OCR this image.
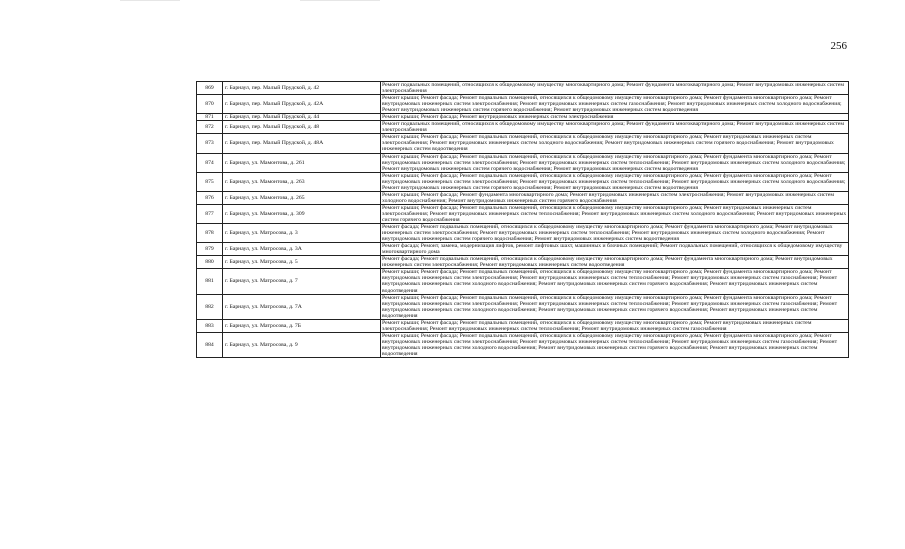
256
869	г. Барнаул, пер. Малый Прудской, д. 42	Ремонт подвальных помещений, относящихся к общедомовому имуществу многоквартирного дома; Ремонт фундамента многоквартирного дома; Ремонт внутридомовых инженерных систем электроснабжения
870	г. Барнаул, пер. Малый Прудской, д. 42А	Ремонт крыши; Ремонт фасада; Ремонт подвальных помещений, относящихся к общедомовому имуществу многоквартирного дома; Ремонт фундамента многоквартирного дома; Ремонт внутридомовых инженерных систем электроснабжения; Ремонт внутридомовых инженерных систем газоснабжения; Ремонт внутридомовых инженерных систем холодного водоснабжения; Ремонт внутридомовых инженерных систем горячего водоснабжения; Ремонт внутридомовых инженерных систем водоотведения
871	г. Барнаул, пер. Малый Прудской, д. 44	Ремонт крыши; Ремонт фасада; Ремонт внутридомовых инженерных систем электроснабжения
872	г. Барнаул, пер. Малый Прудской, д. 48	Ремонт подвальных помещений, относящихся к общедомовому имуществу многоквартирного дома; Ремонт фундамента многоквартирного дома; Ремонт внутридомовых инженерных систем электроснабжения
873	г. Барнаул, пер. Малый Прудской, д. 48А	Ремонт крыши; Ремонт фасада; Ремонт подвальных помещений, относящихся к общедомовому имуществу многоквартирного дома; Ремонт внутридомовых инженерных систем электроснабжения; Ремонт внутридомовых инженерных систем холодного водоснабжения; Ремонт внутридомовых инженерных систем горячего водоснабжения; Ремонт внутридомовых инженерных систем водоотведения
874	г. Барнаул, ул. Мамонтова, д. 261	Ремонт крыши; Ремонт фасада; Ремонт подвальных помещений, относящихся к общедомовому имуществу многоквартирного дома; Ремонт фундамента многоквартирного дома; Ремонт внутридомовых инженерных систем электроснабжения; Ремонт внутридомовых инженерных систем теплоснабжения; Ремонт внутридомовых инженерных систем холодного водоснабжения; Ремонт внутридомовых инженерных систем горячего водоснабжения; Ремонт внутридомовых инженерных систем водоотведения
875	г. Барнаул, ул. Мамонтова, д. 263	Ремонт крыши; Ремонт фасада; Ремонт подвальных помещений, относящихся к общедомовому имуществу многоквартирного дома; Ремонт фундамента многоквартирного дома; Ремонт внутридомовых инженерных систем электроснабжения; Ремонт внутридомовых инженерных систем теплоснабжения; Ремонт внутридомовых инженерных систем холодного водоснабжения; Ремонт внутридомовых инженерных систем горячего водоснабжения; Ремонт внутридомовых инженерных систем водоотведения
876	г. Барнаул, ул. Мамонтова, д. 265	Ремонт крыши; Ремонт фасада; Ремонт фундамента многоквартирного дома; Ремонт внутридомовых инженерных систем электроснабжения; Ремонт внутридомовых инженерных систем холодного водоснабжения; Ремонт внутридомовых инженерных систем горячего водоснабжения
877	г. Барнаул, ул. Мамонтова, д. 309	Ремонт крыши; Ремонт фасада; Ремонт подвальных помещений, относящихся к общедомовому имуществу многоквартирного дома; Ремонт внутридомовых инженерных систем электроснабжения; Ремонт внутридомовых инженерных систем теплоснабжения; Ремонт внутридомовых инженерных систем холодного водоснабжения; Ремонт внутридомовых инженерных систем горячего водоснабжения
878	г. Барнаул, ул. Матросова, д. 3	Ремонт фасада; Ремонт подвальных помещений, относящихся к общедомовому имуществу многоквартирного дома; Ремонт фундамента многоквартирного дома; Ремонт внутридомовых инженерных систем электроснабжения; Ремонт внутридомовых инженерных систем теплоснабжения; Ремонт внутридомовых инженерных систем холодного водоснабжения; Ремонт внутридомовых инженерных систем горячего водоснабжения; Ремонт внутридомовых инженерных систем водоотведения
879	г. Барнаул, ул. Матросова, д. 3А	Ремонт фасада; Ремонт, замена, модернизация лифтов, ремонт лифтовых шахт, машинных и блочных помещений; Ремонт подвальных помещений, относящихся к общедомовому имуществу многоквартирного дома
880	г. Барнаул, ул. Матросова, д. 5	Ремонт фасада; Ремонт подвальных помещений, относящихся к общедомовому имуществу многоквартирного дома; Ремонт фундамента многоквартирного дома; Ремонт внутридомовых инженерных систем электроснабжения; Ремонт внутридомовых инженерных систем водоотведения
881	г. Барнаул, ул. Матросова, д. 7	Ремонт крыши; Ремонт фасада; Ремонт подвальных помещений, относящихся к общедомовому имуществу многоквартирного дома; Ремонт фундамента многоквартирного дома; Ремонт внутридомовых инженерных систем электроснабжения; Ремонт внутридомовых инженерных систем теплоснабжения; Ремонт внутридомовых инженерных систем газоснабжения; Ремонт внутридомовых инженерных систем холодного водоснабжения; Ремонт внутридомовых инженерных систем горячего водоснабжения; Ремонт внутридомовых инженерных систем водоотведения
882	г. Барнаул, ул. Матросова, д. 7А	Ремонт крыши; Ремонт фасада; Ремонт подвальных помещений, относящихся к общедомовому имуществу многоквартирного дома; Ремонт фундамента многоквартирного дома; Ремонт внутридомовых инженерных систем электроснабжения; Ремонт внутридомовых инженерных систем теплоснабжения; Ремонт внутридомовых инженерных систем газоснабжения; Ремонт внутридомовых инженерных систем холодного водоснабжения; Ремонт внутридомовых инженерных систем горячего водоснабжения; Ремонт внутридомовых инженерных систем водоотведения
883	г. Барнаул, ул. Матросова, д. 7Б	Ремонт крыши; Ремонт фасада; Ремонт подвальных помещений, относящихся к общедомовому имуществу многоквартирного дома; Ремонт внутридомовых инженерных систем электроснабжения; Ремонт внутридомовых инженерных систем теплоснабжения; Ремонт внутридомовых инженерных систем газоснабжения
884	г. Барнаул, ул. Матросова, д. 9	Ремонт крыши; Ремонт фасада; Ремонт подвальных помещений, относящихся к общедомовому имуществу многоквартирного дома; Ремонт фундамента многоквартирного дома; Ремонт внутридомовых инженерных систем электроснабжения; Ремонт внутридомовых инженерных систем теплоснабжения; Ремонт внутридомовых инженерных систем газоснабжения; Ремонт внутридомовых инженерных систем холодного водоснабжения; Ремонт внутридомовых инженерных систем горячего водоснабжения; Ремонт внутридомовых инженерных систем водоотведения
